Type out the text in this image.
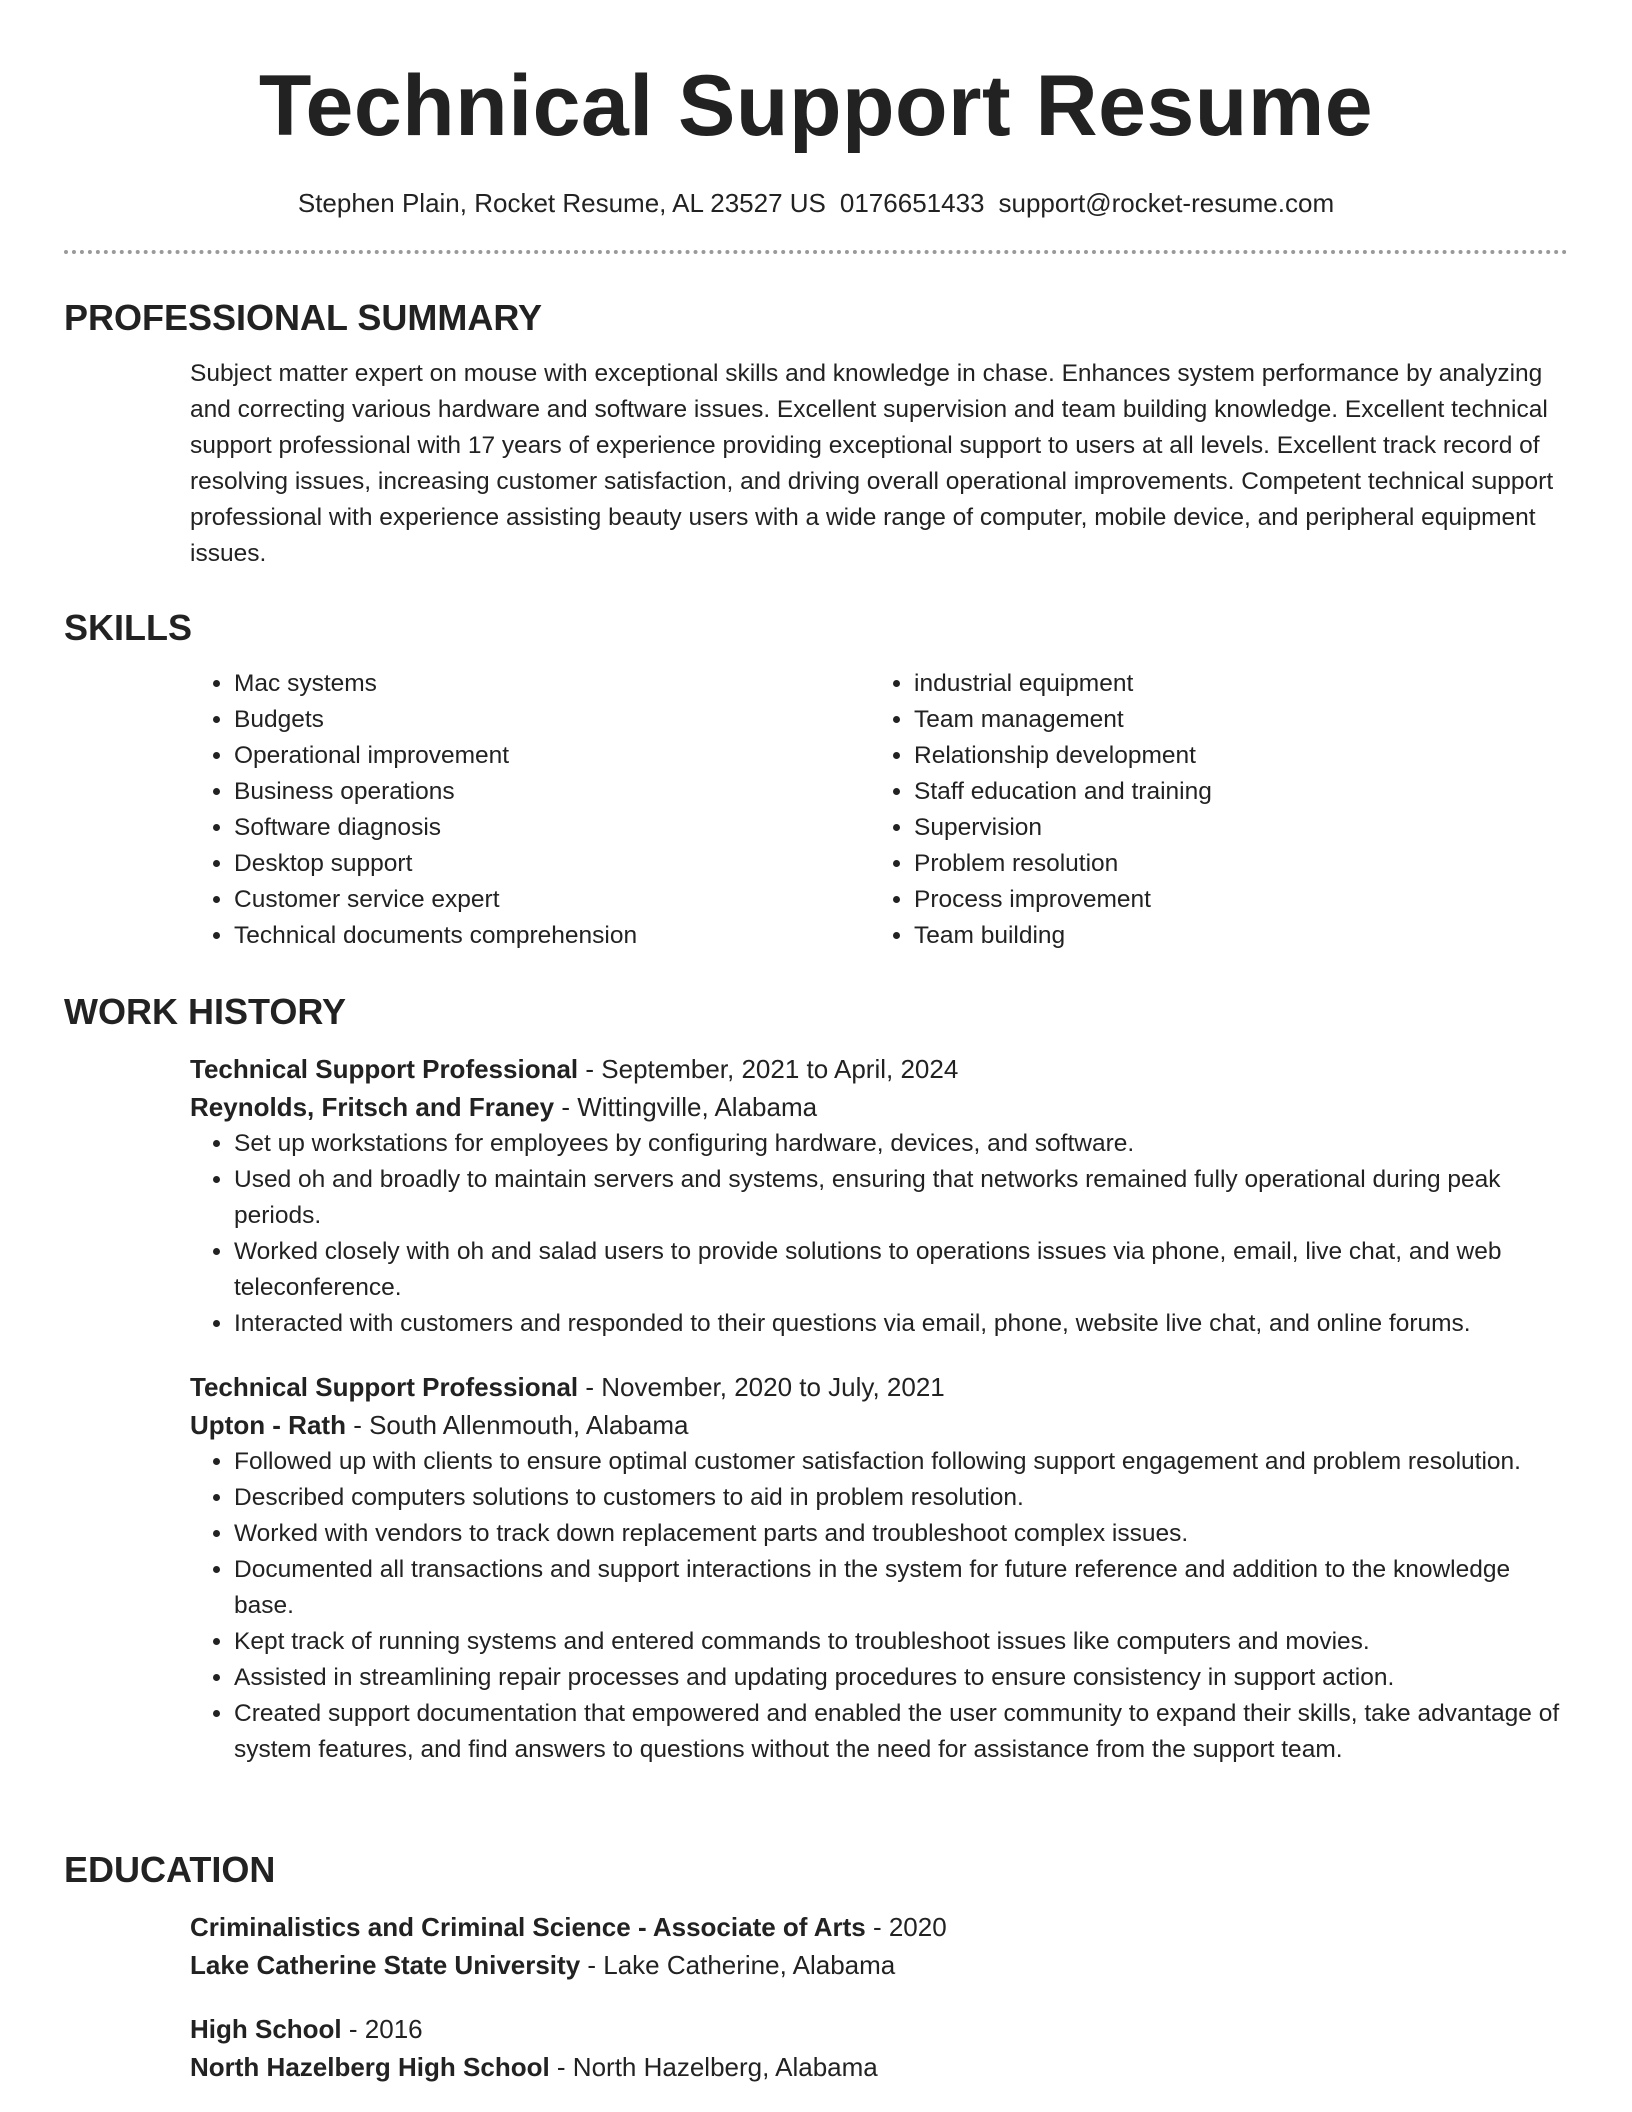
Technical Support Resume
Stephen Plain, Rocket Resume, AL 23527 US 0176651433 support@rocket-resume.com
PROFESSIONAL SUMMARY

Subject matter expert on mouse with exceptional skills and knowledge in chase. Enhances system performance by analyzing and correcting various hardware and software issues. Excellent supervision and team building knowledge. Excellent technical support professional with 17 years of experience providing exceptional support to users at all levels. Excellent track record of resolving issues, increasing customer satisfaction, and driving overall operational improvements. Competent technical support professional with experience assisting beauty users with a wide range of computer, mobile device, and peripheral equipment issues.

SKILLS
• Mac systems
• Budgets
• Operational improvement
• Business operations
• Software diagnosis
• Desktop support
• Customer service expert
• Technical documents comprehension
• industrial equipment
• Team management
• Relationship development
• Staff education and training
• Supervision
• Problem resolution
• Process improvement
• Team building
WORK HISTORY
Technical Support Professional - September, 2021 to April, 2024
Reynolds, Fritsch and Franey - Wittingville, Alabama
• Set up workstations for employees by configuring hardware, devices, and software.
• Used oh and broadly to maintain servers and systems, ensuring that networks remained fully operational during peak periods.
• Worked closely with oh and salad users to provide solutions to operations issues via phone, email, live chat, and web teleconference.
• Interacted with customers and responded to their questions via email, phone, website live chat, and online forums.
Technical Support Professional - November, 2020 to July, 2021
Upton - Rath - South Allenmouth, Alabama
• Followed up with clients to ensure optimal customer satisfaction following support engagement and problem resolution.
• Described computers solutions to customers to aid in problem resolution.
• Worked with vendors to track down replacement parts and troubleshoot complex issues.
• Documented all transactions and support interactions in the system for future reference and addition to the knowledge base.
• Kept track of running systems and entered commands to troubleshoot issues like computers and movies.
• Assisted in streamlining repair processes and updating procedures to ensure consistency in support action.
• Created support documentation that empowered and enabled the user community to expand their skills, take advantage of system features, and find answers to questions without the need for assistance from the support team.
EDUCATION
Criminalistics and Criminal Science - Associate of Arts - 2020
Lake Catherine State University - Lake Catherine, Alabama
High School - 2016
North Hazelberg High School - North Hazelberg, Alabama
